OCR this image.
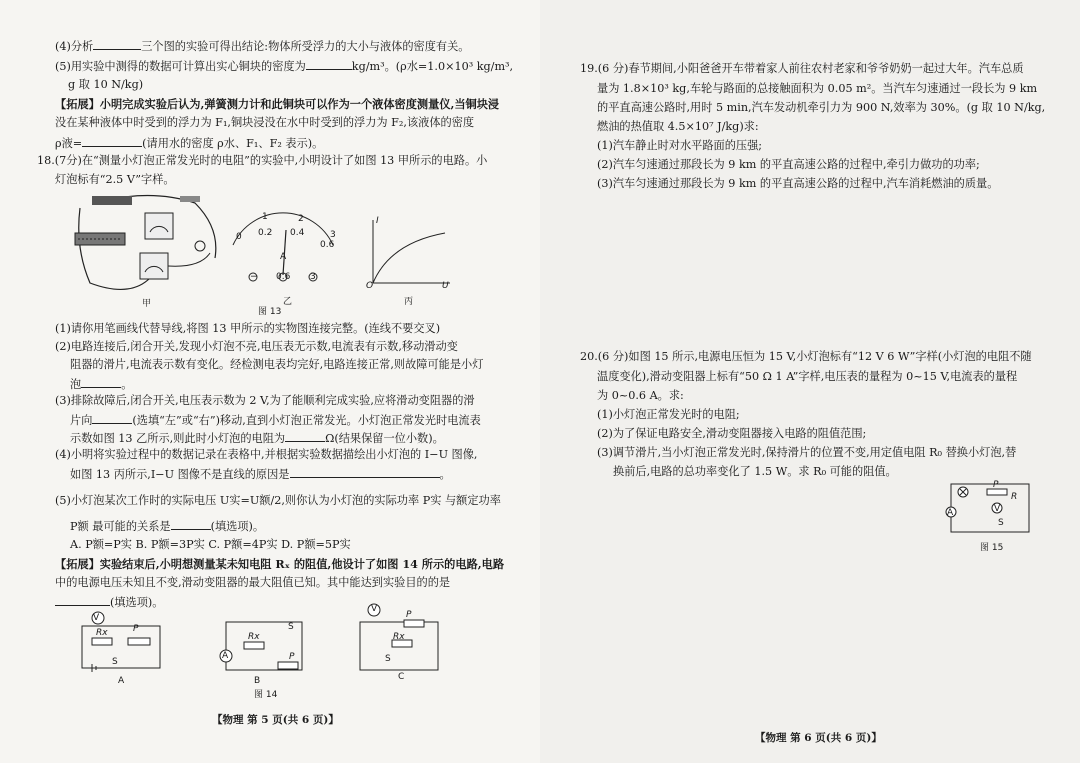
(4)分析	三个图的实验可得出结论:物体所受浮力的大小与液体的密度有关。
(5)用实验中测得的数据可计算出实心铜块的密度为	kg/m³。(ρ水=1.0×10³ kg/m³,
g 取 10 N/kg)
【拓展】小明完成实验后认为,弹簧测力计和此铜块可以作为一个液体密度测量仪,当铜块浸
没在某种液体中时受到的浮力为 F₁,铜块浸没在水中时受到的浮力为 F₂,该液体的密度
ρ液=	(请用水的密度 ρ水、F₁、F₂ 表示)。
18.(7分)在“测量小灯泡正常发光时的电阻”的实验中,小明设计了如图 13 甲所示的电路。小
灯泡标有“2.5 V”字样。
甲
0 0.2 0.4
0.6
1	2
3
A
− 0.6 3
乙
I
O	U
丙
图 13
(1)请你用笔画线代替导线,将图 13 甲所示的实物图连接完整。(连线不要交叉)
(2)电路连接后,闭合开关,发现小灯泡不亮,电压表无示数,电流表有示数,移动滑动变
阻器的滑片,电流表示数有变化。经检测电表均完好,电路连接正常,则故障可能是小灯
泡	。
(3)排除故障后,闭合开关,电压表示数为 2 V,为了能顺利完成实验,应将滑动变阻器的滑
片向	(选填“左”或“右”)移动,直到小灯泡正常发光。小灯泡正常发光时电流表
示数如图 13 乙所示,则此时小灯泡的电阻为	Ω(结果保留一位小数)。
(4)小明将实验过程中的数据记录在表格中,并根据实验数据描绘出小灯泡的 I−U 图像,
如图 13 丙所示,I−U 图像不是直线的原因是	。
(5)小灯泡某次工作时的实际电压 U实=U额/2,则你认为小灯泡的实际功率 P实 与额定功率
P额 最可能的关系是	(填选项)。
A. P额=P实 B. P额=3P实 C. P额=4P实 D. P额=5P实
【拓展】实验结束后,小明想测量某未知电阻 Rₓ 的阻值,他设计了如图 14 所示的电路,电路
中的电源电压未知且不变,滑动变阻器的最大阻值已知。其中能达到实验目的的是
(填选项)。
V
Rx	P
S
A
Rx
S
P
A
B
图 14
V
P
Rx
S
C
【物理 第 5 页(共 6 页)】
19.(6 分)春节期间,小阳爸爸开车带着家人前往农村老家和爷爷奶奶一起过大年。汽车总质
量为 1.8×10³ kg,车轮与路面的总接触面积为 0.05 m²。当汽车匀速通过一段长为 9 km
的平直高速公路时,用时 5 min,汽车发动机牵引力为 900 N,效率为 30%。(g 取 10 N/kg,
燃油的热值取 4.5×10⁷ J/kg)求:
(1)汽车静止时对水平路面的压强;
(2)汽车匀速通过那段长为 9 km 的平直高速公路的过程中,牵引力做功的功率;
(3)汽车匀速通过那段长为 9 km 的平直高速公路的过程中,汽车消耗燃油的质量。
20.(6 分)如图 15 所示,电源电压恒为 15 V,小灯泡标有“12 V 6 W”字样(小灯泡的电阻不随
温度变化),滑动变阻器上标有“50 Ω 1 A”字样,电压表的量程为 0~15 V,电流表的量程
为 0~0.6 A。求:
(1)小灯泡正常发光时的电阻;
(2)为了保证电路安全,滑动变阻器接入电路的阻值范围;
(3)调节滑片,当小灯泡正常发光时,保持滑片的位置不变,用定值电阻 R₀ 替换小灯泡,替
换前后,电路的总功率变化了 1.5 W。求 R₀ 可能的阻值。
P
R
V
A
S
图 15
【物理 第 6 页(共 6 页)】
